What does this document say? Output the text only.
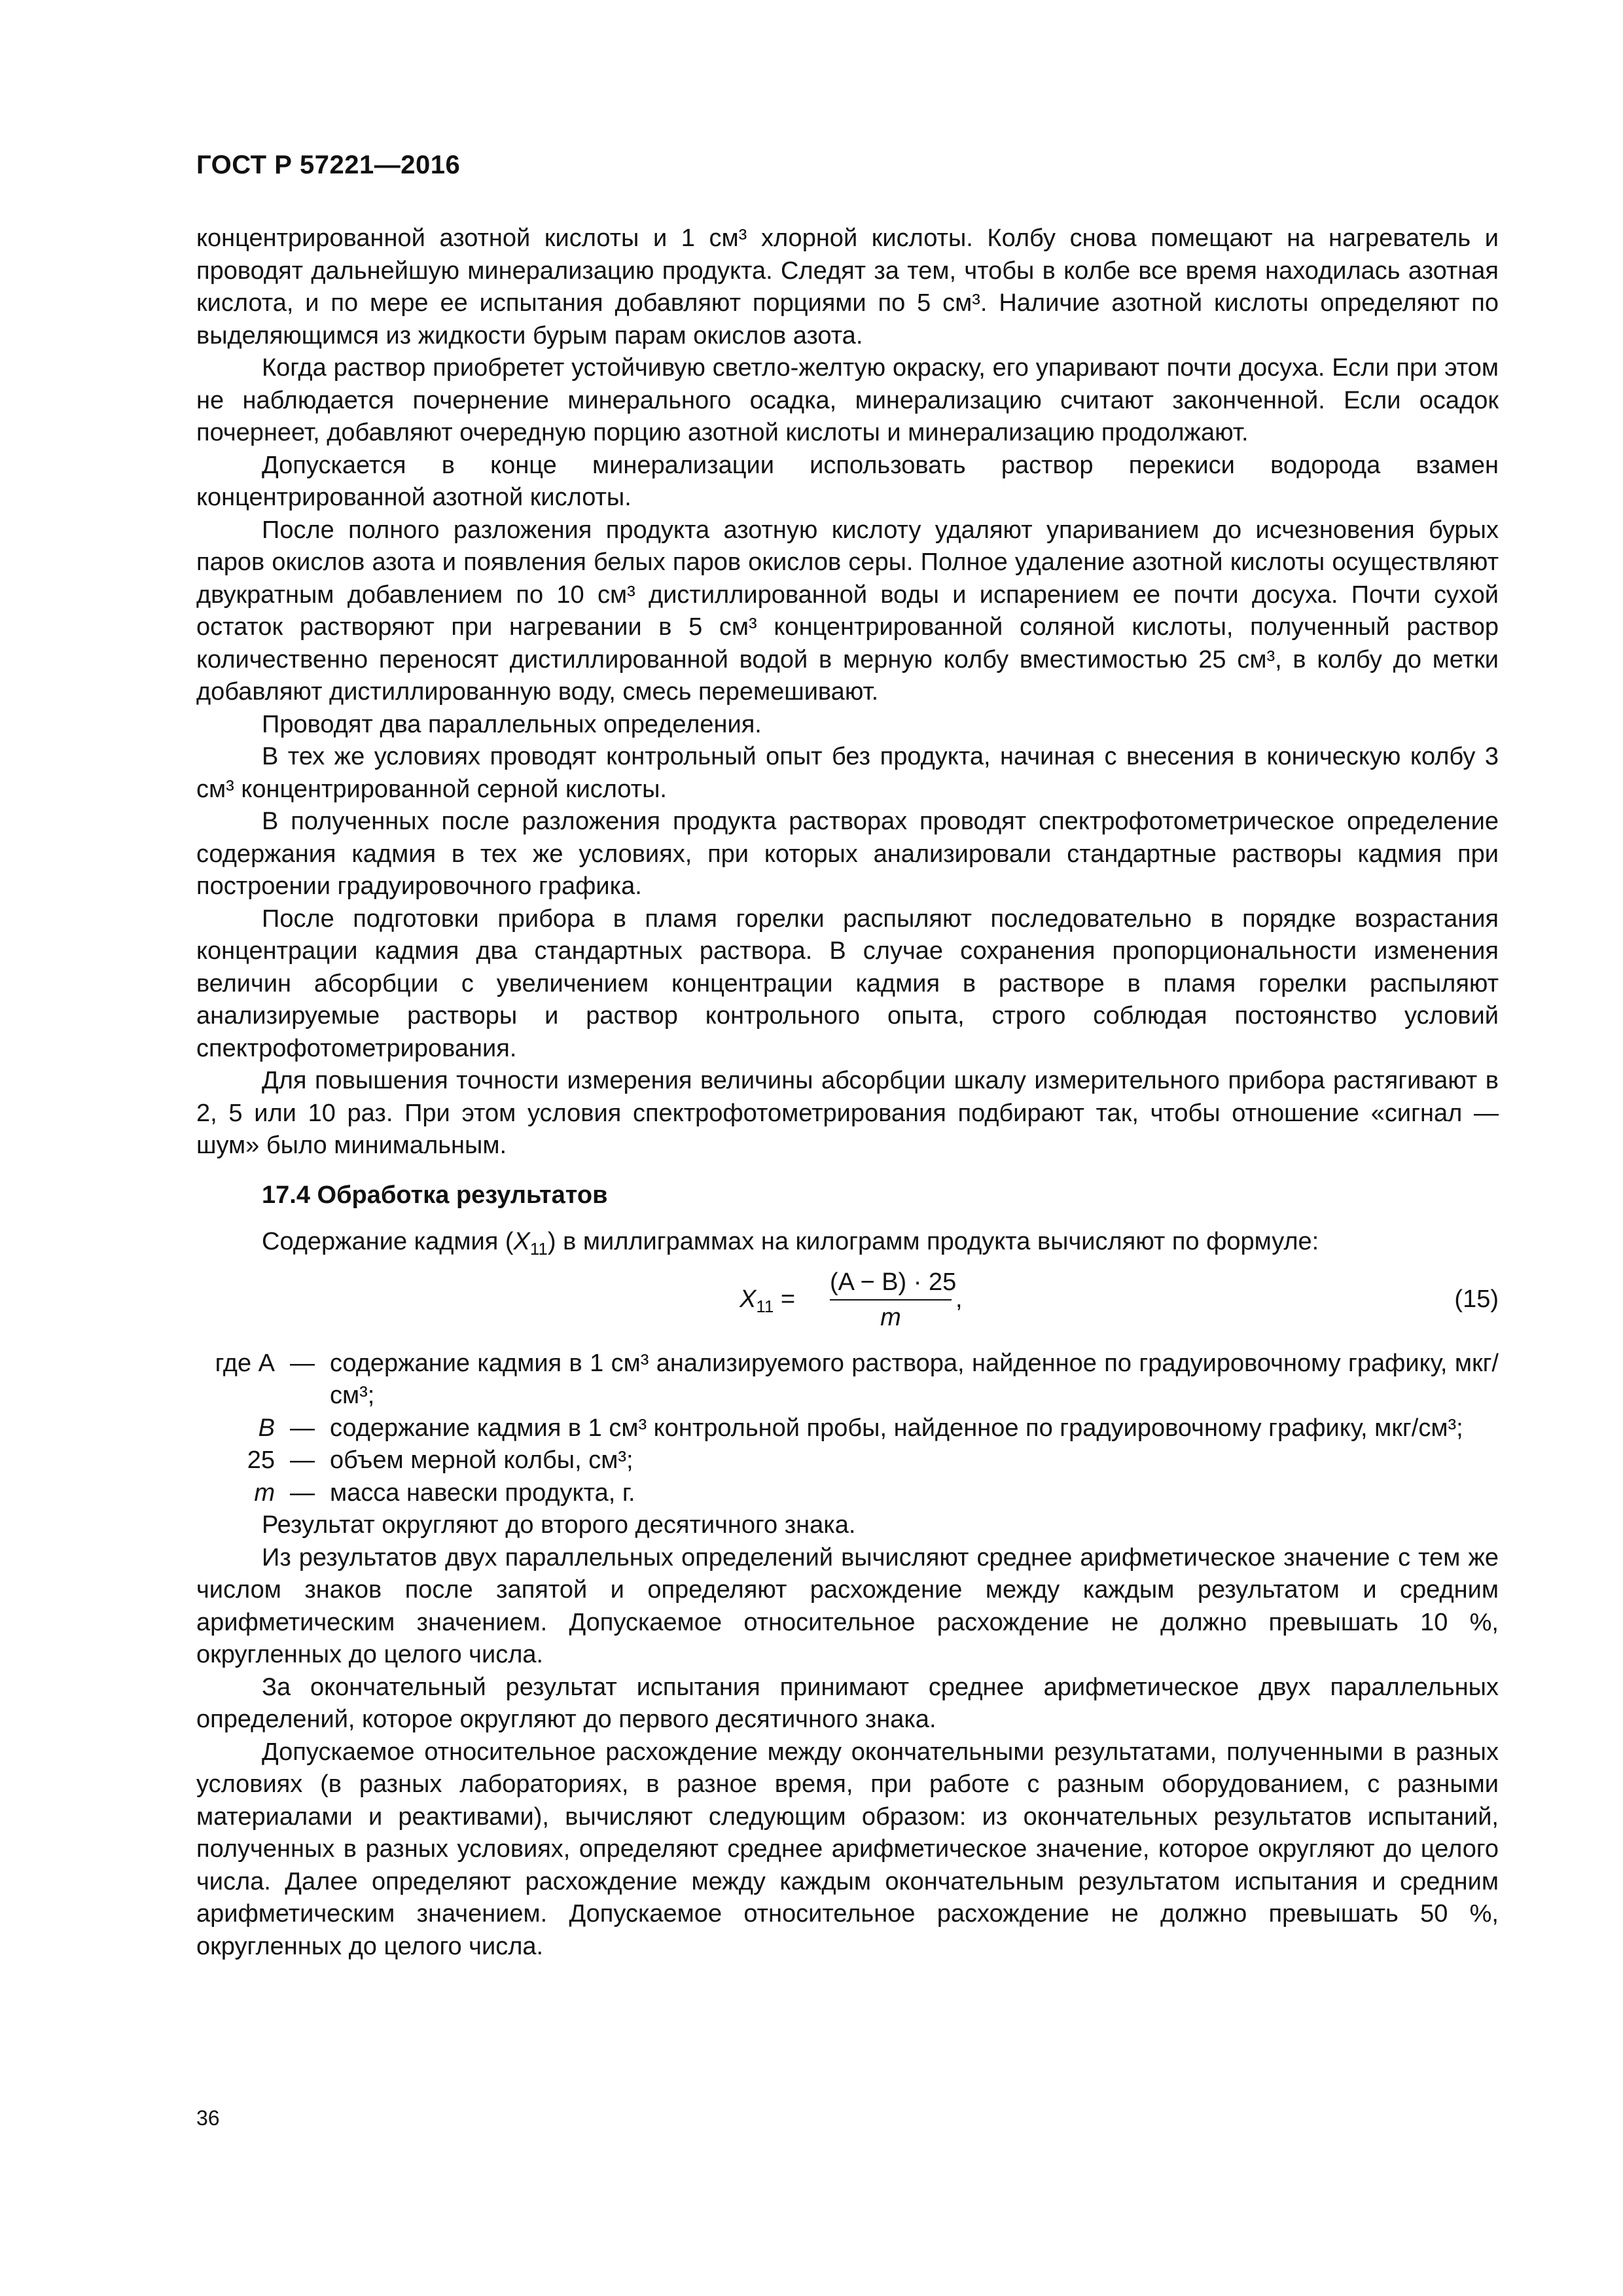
ГОСТ Р 57221—2016

концентрированной азотной кислоты и 1 см³ хлорной кислоты. Колбу снова помещают на нагреватель и проводят дальнейшую минерализацию продукта. Следят за тем, чтобы в колбе все время находилась азотная кислота, и по мере ее испытания добавляют порциями по 5 см³. Наличие азотной кислоты определяют по выделяющимся из жидкости бурым парам окислов азота.

Когда раствор приобретет устойчивую светло-желтую окраску, его упаривают почти досуха. Если при этом не наблюдается почернение минерального осадка, минерализацию считают законченной. Если осадок почернеет, добавляют очередную порцию азотной кислоты и минерализацию продолжают.

Допускается в конце минерализации использовать раствор перекиси водорода взамен концентрированной азотной кислоты.

После полного разложения продукта азотную кислоту удаляют упариванием до исчезновения бурых паров окислов азота и появления белых паров окислов серы. Полное удаление азотной кислоты осуществляют двукратным добавлением по 10 см³ дистиллированной воды и испарением ее почти досуха. Почти сухой остаток растворяют при нагревании в 5 см³ концентрированной соляной кислоты, полученный раствор количественно переносят дистиллированной водой в мерную колбу вместимостью 25 см³, в колбу до метки добавляют дистиллированную воду, смесь перемешивают.

Проводят два параллельных определения.

В тех же условиях проводят контрольный опыт без продукта, начиная с внесения в коническую колбу 3 см³ концентрированной серной кислоты.

В полученных после разложения продукта растворах проводят спектрофотометрическое определение содержания кадмия в тех же условиях, при которых анализировали стандартные растворы кадмия при построении градуировочного графика.

После подготовки прибора в пламя горелки распыляют последовательно в порядке возрастания концентрации кадмия два стандартных раствора. В случае сохранения пропорциональности изменения величин абсорбции с увеличением концентрации кадмия в растворе в пламя горелки распыляют анализируемые растворы и раствор контрольного опыта, строго соблюдая постоянство условий спектрофотометрирования.

Для повышения точности измерения величины абсорбции шкалу измерительного прибора растягивают в 2, 5 или 10 раз. При этом условия спектрофотометрирования подбирают так, чтобы отношение «сигнал — шум» было минимальным.

17.4 Обработка результатов

Содержание кадмия $(X_{11})$ в миллиграммах на килограмм продукта вычисляют по формуле:

$X_{11}$ =
(A − B) · 25
m
,	(15)
где A — содержание кадмия в 1 см³ анализируемого раствора, найденное по градуировочному графику, мкг/см³;
B — содержание кадмия в 1 см³ контрольной пробы, найденное по градуировочному графику, мкг/см³;
25 — объем мерной колбы, см³;
m — масса навески продукта, г.

Результат округляют до второго десятичного знака.

Из результатов двух параллельных определений вычисляют среднее арифметическое значение с тем же числом знаков после запятой и определяют расхождение между каждым результатом и средним арифметическим значением. Допускаемое относительное расхождение не должно превышать 10 %, округленных до целого числа.

За окончательный результат испытания принимают среднее арифметическое двух параллельных определений, которое округляют до первого десятичного знака.

Допускаемое относительное расхождение между окончательными результатами, полученными в разных условиях (в разных лабораториях, в разное время, при работе с разным оборудованием, с разными материалами и реактивами), вычисляют следующим образом: из окончательных результатов испытаний, полученных в разных условиях, определяют среднее арифметическое значение, которое округляют до целого числа. Далее определяют расхождение между каждым окончательным результатом испытания и средним арифметическим значением. Допускаемое относительное расхождение не должно превышать 50 %, округленных до целого числа.

36
